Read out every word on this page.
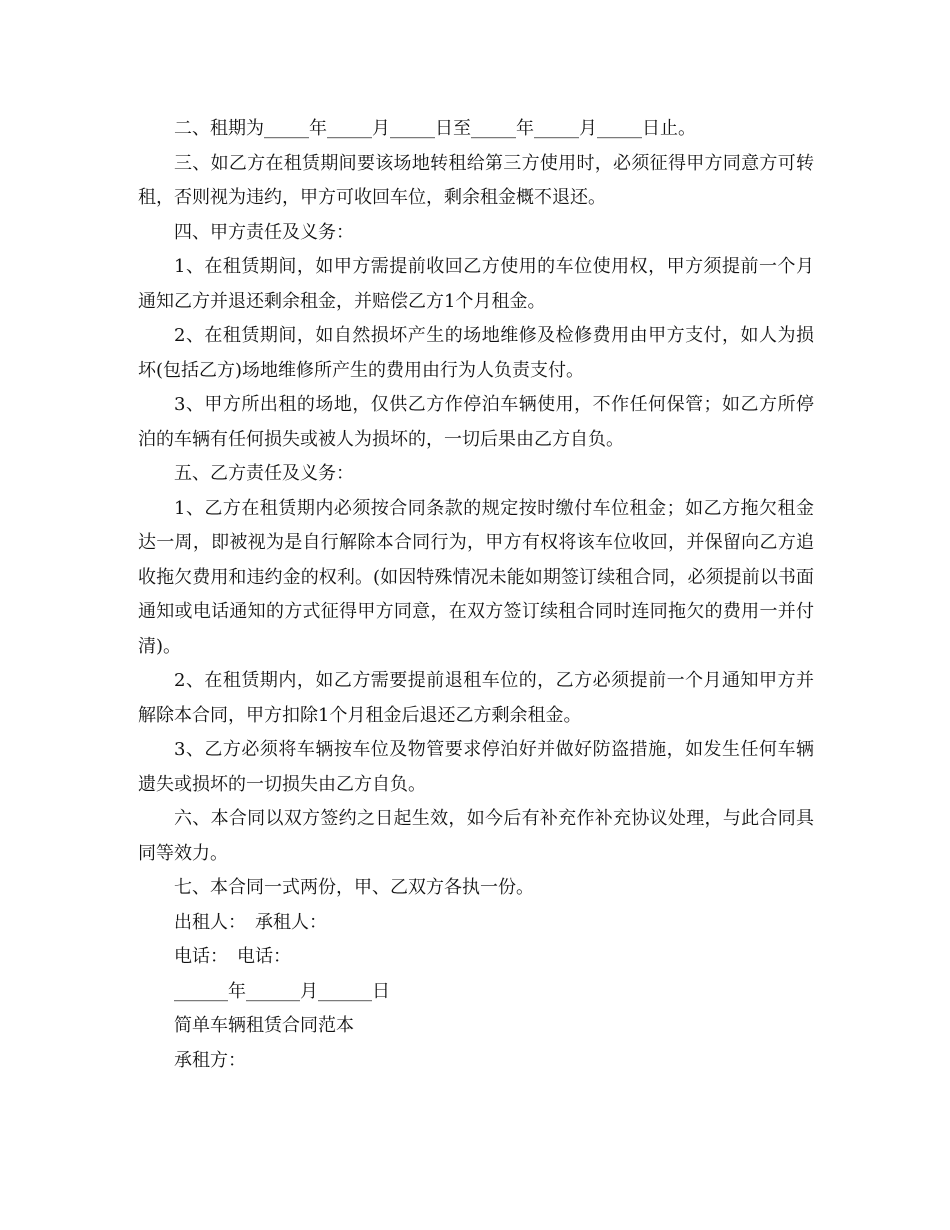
二、租期为_____年_____月_____日至_____年_____月_____日止。

三、如乙方在租赁期间要该场地转租给第三方使用时，必须征得甲方同意方可转租，否则视为违约，甲方可收回车位，剩余租金概不退还。

四、甲方责任及义务：

1、在租赁期间，如甲方需提前收回乙方使用的车位使用权，甲方须提前一个月通知乙方并退还剩余租金，并赔偿乙方1个月租金。

2、在租赁期间，如自然损坏产生的场地维修及检修费用由甲方支付，如人为损坏(包括乙方)场地维修所产生的费用由行为人负责支付。

3、甲方所出租的场地，仅供乙方作停泊车辆使用，不作任何保管；如乙方所停泊的车辆有任何损失或被人为损坏的，一切后果由乙方自负。

五、乙方责任及义务：

1、乙方在租赁期内必须按合同条款的规定按时缴付车位租金；如乙方拖欠租金达一周，即被视为是自行解除本合同行为，甲方有权将该车位收回，并保留向乙方追收拖欠费用和违约金的权利。(如因特殊情况未能如期签订续租合同，必须提前以书面通知或电话通知的方式征得甲方同意，在双方签订续租合同时连同拖欠的费用一并付清)。

2、在租赁期内，如乙方需要提前退租车位的，乙方必须提前一个月通知甲方并解除本合同，甲方扣除1个月租金后退还乙方剩余租金。

3、乙方必须将车辆按车位及物管要求停泊好并做好防盗措施，如发生任何车辆遗失或损坏的一切损失由乙方自负。

六、本合同以双方签约之日起生效，如今后有补充作补充协议处理，与此合同具同等效力。

七、本合同一式两份，甲、乙双方各执一份。

出租人：　承租人：

电话：　电话：

______年______月______日

简单车辆租赁合同范本

承租方：
